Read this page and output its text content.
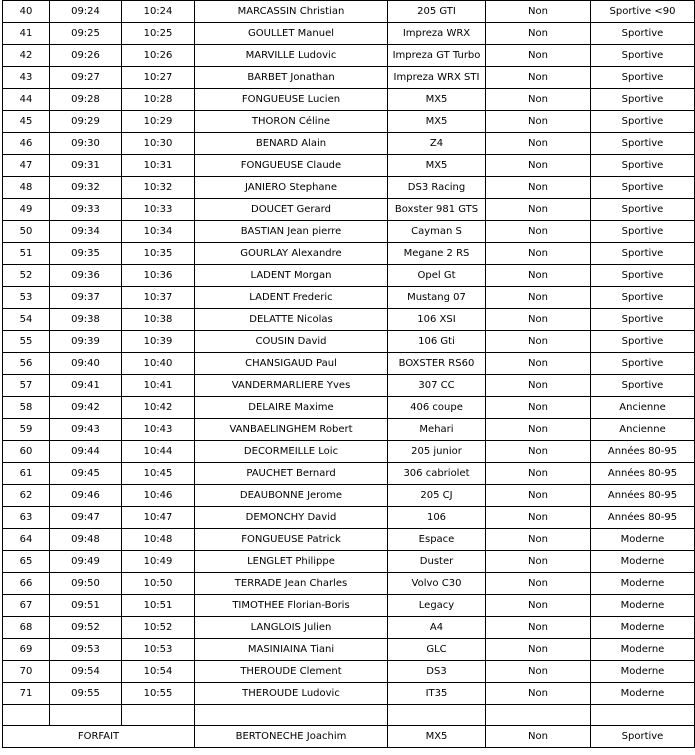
40	09:24	10:24	MARCASSIN Christian	205 GTI	Non	Sportive <90
41	09:25	10:25	GOULLET Manuel	Impreza WRX	Non	Sportive
42	09:26	10:26	MARVILLE Ludovic	Impreza GT Turbo	Non	Sportive
43	09:27	10:27	BARBET Jonathan	Impreza WRX STI	Non	Sportive
44	09:28	10:28	FONGUEUSE Lucien	MX5	Non	Sportive
45	09:29	10:29	THORON Céline	MX5	Non	Sportive
46	09:30	10:30	BENARD Alain	Z4	Non	Sportive
47	09:31	10:31	FONGUEUSE Claude	MX5	Non	Sportive
48	09:32	10:32	JANIERO Stephane	DS3 Racing	Non	Sportive
49	09:33	10:33	DOUCET Gerard	Boxster 981 GTS	Non	Sportive
50	09:34	10:34	BASTIAN Jean pierre	Cayman S	Non	Sportive
51	09:35	10:35	GOURLAY Alexandre	Megane 2 RS	Non	Sportive
52	09:36	10:36	LADENT Morgan	Opel Gt	Non	Sportive
53	09:37	10:37	LADENT Frederic	Mustang 07	Non	Sportive
54	09:38	10:38	DELATTE Nicolas	106 XSI	Non	Sportive
55	09:39	10:39	COUSIN David	106 Gti	Non	Sportive
56	09:40	10:40	CHANSIGAUD Paul	BOXSTER RS60	Non	Sportive
57	09:41	10:41	VANDERMARLIERE Yves	307 CC	Non	Sportive
58	09:42	10:42	DELAIRE Maxime	406 coupe	Non	Ancienne
59	09:43	10:43	VANBAELINGHEM Robert	Mehari	Non	Ancienne
60	09:44	10:44	DECORMEILLE Loic	205 junior	Non	Années 80-95
61	09:45	10:45	PAUCHET Bernard	306 cabriolet	Non	Années 80-95
62	09:46	10:46	DEAUBONNE Jerome	205 CJ	Non	Années 80-95
63	09:47	10:47	DEMONCHY David	106	Non	Années 80-95
64	09:48	10:48	FONGUEUSE Patrick	Espace	Non	Moderne
65	09:49	10:49	LENGLET Philippe	Duster	Non	Moderne
66	09:50	10:50	TERRADE Jean Charles	Volvo C30	Non	Moderne
67	09:51	10:51	TIMOTHEE Florian-Boris	Legacy	Non	Moderne
68	09:52	10:52	LANGLOIS Julien	A4	Non	Moderne
69	09:53	10:53	MASINIAINA Tiani	GLC	Non	Moderne
70	09:54	10:54	THEROUDE Clement	DS3	Non	Moderne
71	09:55	10:55	THEROUDE Ludovic	IT35	Non	Moderne

FORFAIT			BERTONECHE Joachim	MX5	Non	Sportive
